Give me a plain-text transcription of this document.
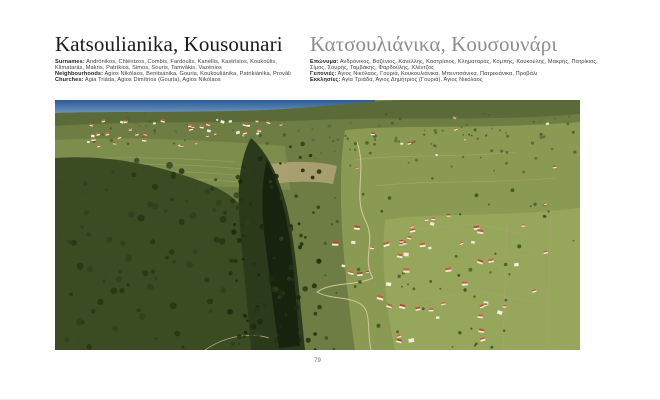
Katsoulianika, Kousounari

Surnames: Andrónikos, Chléntzos, Combis, Fardoulis, Kanéllis, Kastrísios, Koukoúlis, Klimatarás, Makris, Patríkios, Simos, Souris, Tamvákis, Vazénios

Neighbourhoods: Agios Nikólaos, Benitsánika, Gouria, Koukouliánika, Patrikiánika, Provàli

Churches: Agia Triáda, Agios Dimítrios (Gouria), Agios Nikólaos

Κατσουλιάνικα, Κουσουνάρι

Επώνυμα: Ανδρόνικος, Βαζένιος, Κανέλλης, Καστρίσιος, Κληματαράς, Κομπής, Κουκούλης, Μακρής, Πατρίκιος, Σίμος, Σουρής, Ταμβάκης, Φαρδούλης, Χλέντζος

Γειτονιές: Άγιος Νικόλαος, Γουριά, Κουκουλιάνικα, Μπενιτσάνικα, Πατρικιάνικα, Προβάλι

Εκκλησίες: Αγία Τριάδα, Άγιος Δημήτριος (Γουριά), Άγιος Νικόλαος

79
